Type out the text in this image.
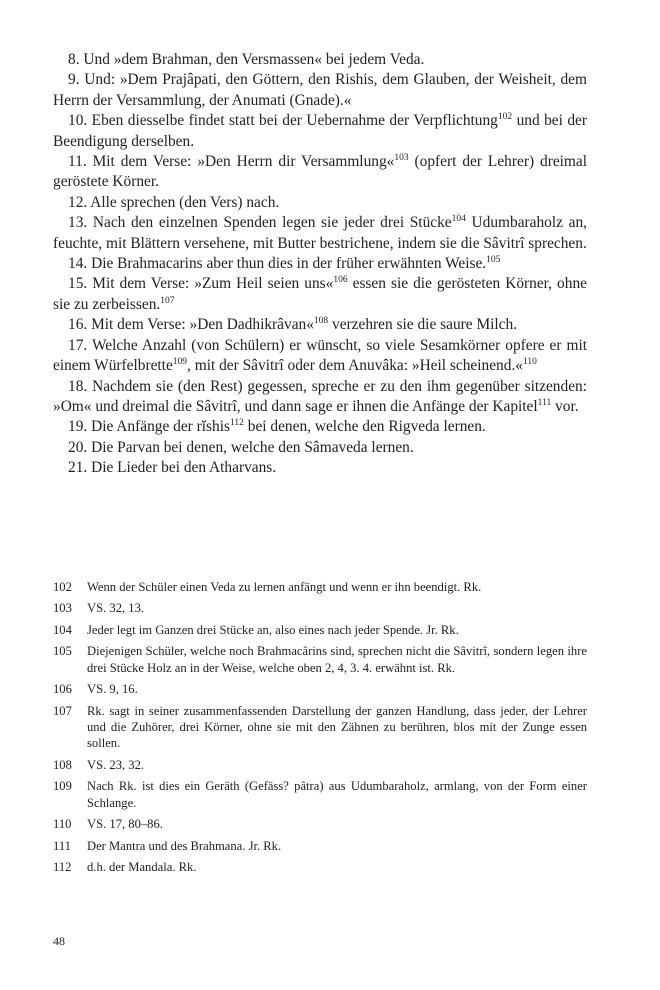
8. Und »dem Brahman, den Versmassen« bei jedem Veda.

9. Und: »Dem Prajâpati, den Göttern, den Rishis, dem Glauben, der Weisheit, dem Herrn der Versammlung, der Anumati (Gnade).«

10. Eben diesselbe findet statt bei der Uebernahme der Verpflichtung$^{102}$ und bei der Beendigung derselben.

11. Mit dem Verse: »Den Herrn dir Versammlung«$^{103}$ (opfert der Lehrer) dreimal geröstete Körner.

12. Alle sprechen (den Vers) nach.

13. Nach den einzelnen Spenden legen sie jeder drei Stücke$^{104}$ Udumbaraholz an, feuchte, mit Blättern versehene, mit Butter bestrichene, indem sie die Sâvitrî sprechen.

14. Die Brahmacarins aber thun dies in der früher erwähnten Weise.$^{105}$

15. Mit dem Verse: »Zum Heil seien uns«$^{106}$ essen sie die gerösteten Körner, ohne sie zu zerbeissen.$^{107}$

16. Mit dem Verse: »Den Dadhikrâvan«$^{108}$ verzehren sie die saure Milch.

17. Welche Anzahl (von Schülern) er wünscht, so viele Sesamkörner opfere er mit einem Würfelbrette$^{109}$, mit der Sâvitrî oder dem Anuvâka: »Heil scheinend.«$^{110}$

18. Nachdem sie (den Rest) gegessen, spreche er zu den ihm gegenüber sitzenden: »Om« und dreimal die Sâvitrî, und dann sage er ihnen die Anfänge der Kapitel$^{111}$ vor.

19. Die Anfänge der rĭshis$^{112}$ bei denen, welche den Rigveda lernen.

20. Die Parvan bei denen, welche den Sâmaveda lernen.

21. Die Lieder bei den Atharvans.

102	Wenn der Schüler einen Veda zu lernen anfängt und wenn er ihn beendigt. Rk.
103	VS. 32, 13.
104	Jeder legt im Ganzen drei Stücke an, also eines nach jeder Spende. Jr. Rk.
105	Diejenigen Schüler, welche noch Brahmacârins sind, sprechen nicht die Sâvitrî, sondern legen ihre drei Stücke Holz an in der Weise, welche oben 2, 4, 3. 4. erwähnt ist. Rk.
106	VS. 9, 16.
107	Rk. sagt in seiner zusammenfassenden Darstellung der ganzen Handlung, dass jeder, der Lehrer und die Zuhörer, drei Körner, ohne sie mit den Zähnen zu berühren, blos mit der Zunge essen sollen.
108	VS. 23, 32.
109	Nach Rk. ist dies ein Geräth (Gefäss? pâtra) aus Udumbaraholz, armlang, von der Form einer Schlange.
110	VS. 17, 80–86.
111	Der Mantra und des Brahmana. Jr. Rk.
112	d.h. der Mandala. Rk.
48
